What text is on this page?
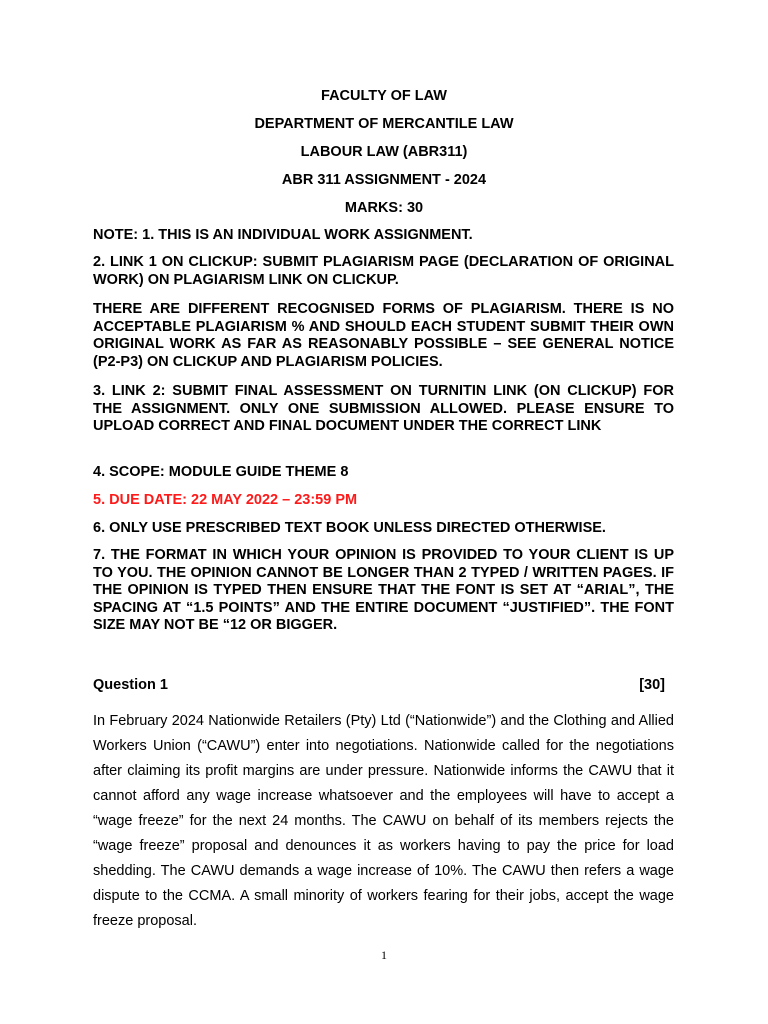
FACULTY OF LAW
DEPARTMENT OF MERCANTILE LAW
LABOUR LAW (ABR311)
ABR 311 ASSIGNMENT - 2024
MARKS: 30
NOTE: 1. THIS IS AN INDIVIDUAL WORK ASSIGNMENT.
2. LINK 1 ON CLICKUP: SUBMIT PLAGIARISM PAGE (DECLARATION OF ORIGINAL WORK) ON PLAGIARISM LINK ON CLICKUP.
THERE ARE DIFFERENT RECOGNISED FORMS OF PLAGIARISM. THERE IS NO ACCEPTABLE PLAGIARISM % AND SHOULD EACH STUDENT SUBMIT THEIR OWN ORIGINAL WORK AS FAR AS REASONABLY POSSIBLE – SEE GENERAL NOTICE (P2-P3) ON CLICKUP AND PLAGIARISM POLICIES.
3. LINK 2: SUBMIT FINAL ASSESSMENT ON TURNITIN LINK (ON CLICKUP) FOR THE ASSIGNMENT. ONLY ONE SUBMISSION ALLOWED. PLEASE ENSURE TO UPLOAD CORRECT AND FINAL DOCUMENT UNDER THE CORRECT LINK
4. SCOPE: MODULE GUIDE THEME 8
5. DUE DATE: 22 MAY 2022 – 23:59 PM
6. ONLY USE PRESCRIBED TEXT BOOK UNLESS DIRECTED OTHERWISE.
7. THE FORMAT IN WHICH YOUR OPINION IS PROVIDED TO YOUR CLIENT IS UP TO YOU. THE OPINION CANNOT BE LONGER THAN 2 TYPED / WRITTEN PAGES. IF THE OPINION IS TYPED THEN ENSURE THAT THE FONT IS SET AT “ARIAL”, THE SPACING AT “1.5 POINTS” AND THE ENTIRE DOCUMENT “JUSTIFIED”. THE FONT SIZE MAY NOT BE “12 OR BIGGER.
Question 1	[30]
In February 2024 Nationwide Retailers (Pty) Ltd (“Nationwide”) and the Clothing and Allied Workers Union (“CAWU”) enter into negotiations. Nationwide called for the negotiations after claiming its profit margins are under pressure. Nationwide informs the CAWU that it cannot afford any wage increase whatsoever and the employees will have to accept a “wage freeze” for the next 24 months. The CAWU on behalf of its members rejects the “wage freeze” proposal and denounces it as workers having to pay the price for load shedding. The CAWU demands a wage increase of 10%. The CAWU then refers a wage dispute to the CCMA. A small minority of workers fearing for their jobs, accept the wage freeze proposal.
1
